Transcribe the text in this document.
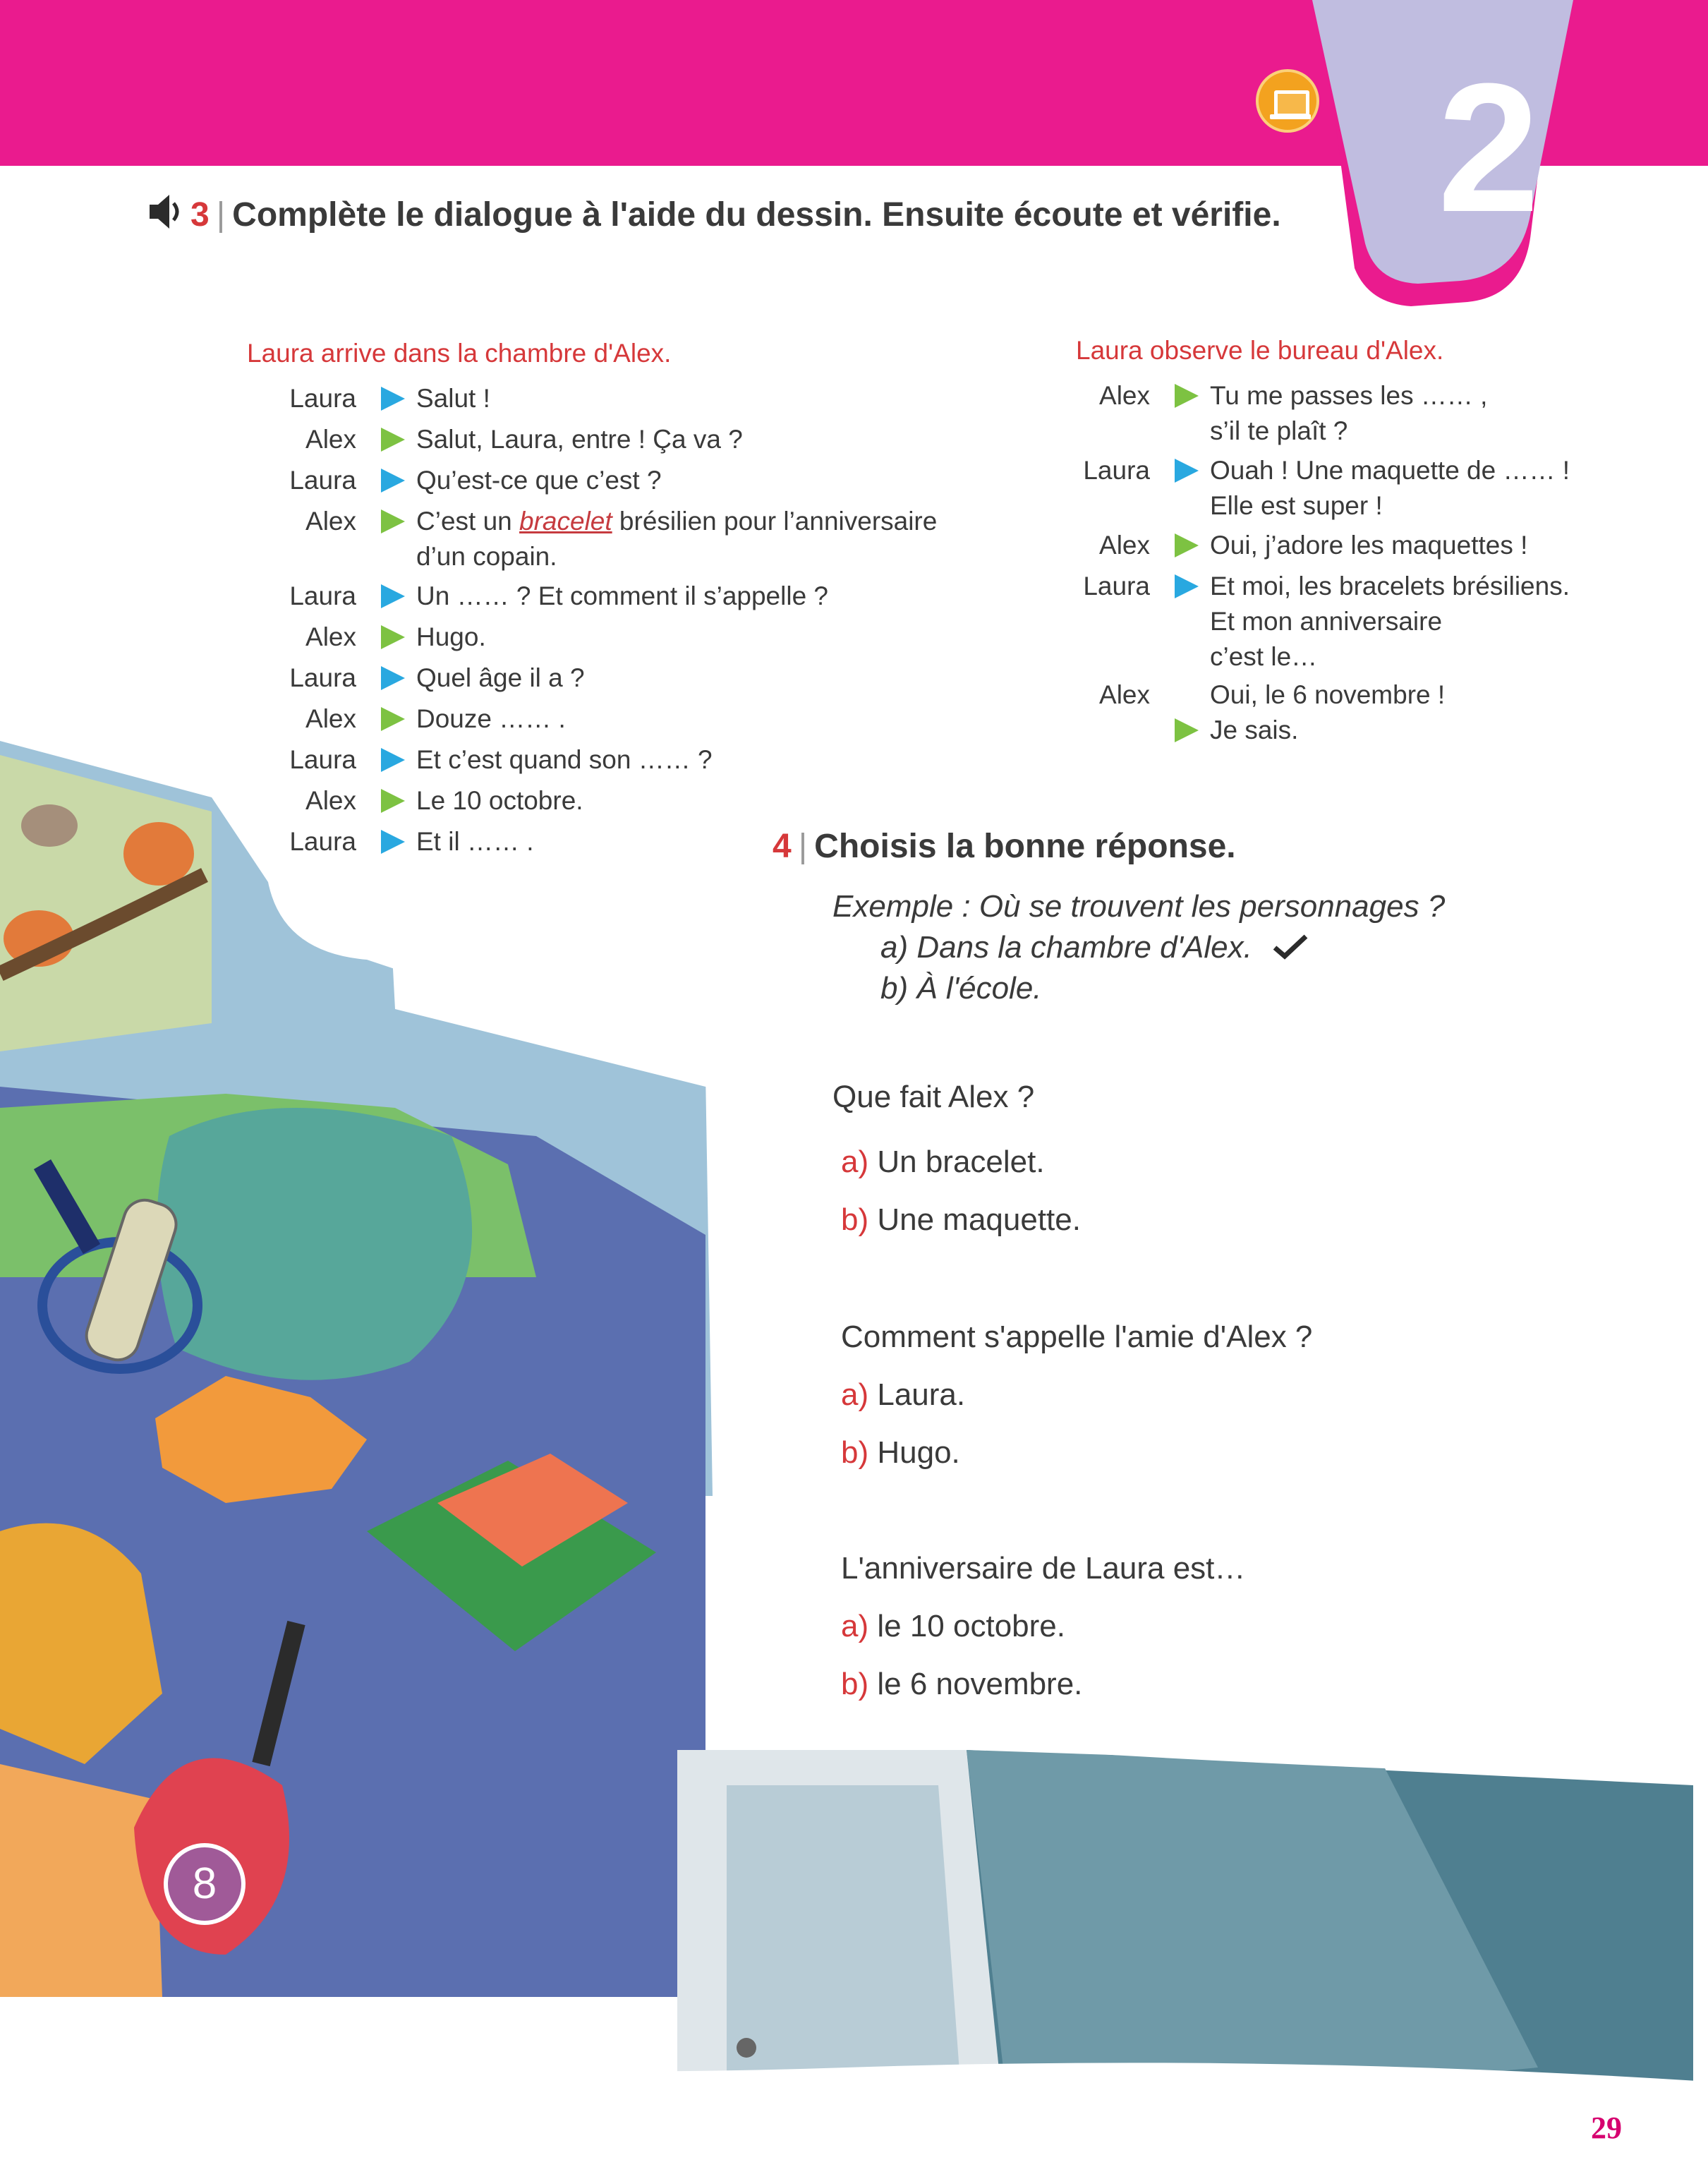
2
8
3 | Complète le dialogue à l'aide du dessin. Ensuite écoute et vérifie.
Laura arrive dans la chambre d'Alex.
Laura Salut !
Alex Salut, Laura, entre ! Ça va ?
Laura Qu’est-ce que c’est ?
Alex C’est un bracelet brésilien pour l’anniversaire
d’un copain.
Laura Un …… ? Et comment il s’appelle ?
Alex Hugo.
Laura Quel âge il a ?
Alex Douze …… .
Laura Et c’est quand son …… ?
Alex Le 10 octobre.
Laura Et il …… .
Laura observe le bureau d'Alex.
Alex Tu me passes les …… ,
s’il te plaît ?
Laura Ouah ! Une maquette de …… !
Elle est super !
Alex Oui, j’adore les maquettes !
Laura Et moi, les bracelets brésiliens.
Et mon anniversaire
c’est le…
Alex Oui, le 6 novembre !
Je sais.
4 | Choisis la bonne réponse.
Exemple : Où se trouvent les personnages ?
a) Dans la chambre d'Alex.
b) À l'école.
Que fait Alex ?
a) Un bracelet.
b) Une maquette.
Comment s'appelle l'amie d'Alex ?
a) Laura.
b) Hugo.
L'anniversaire de Laura est…
a) le 10 octobre.
b) le 6 novembre.
29
